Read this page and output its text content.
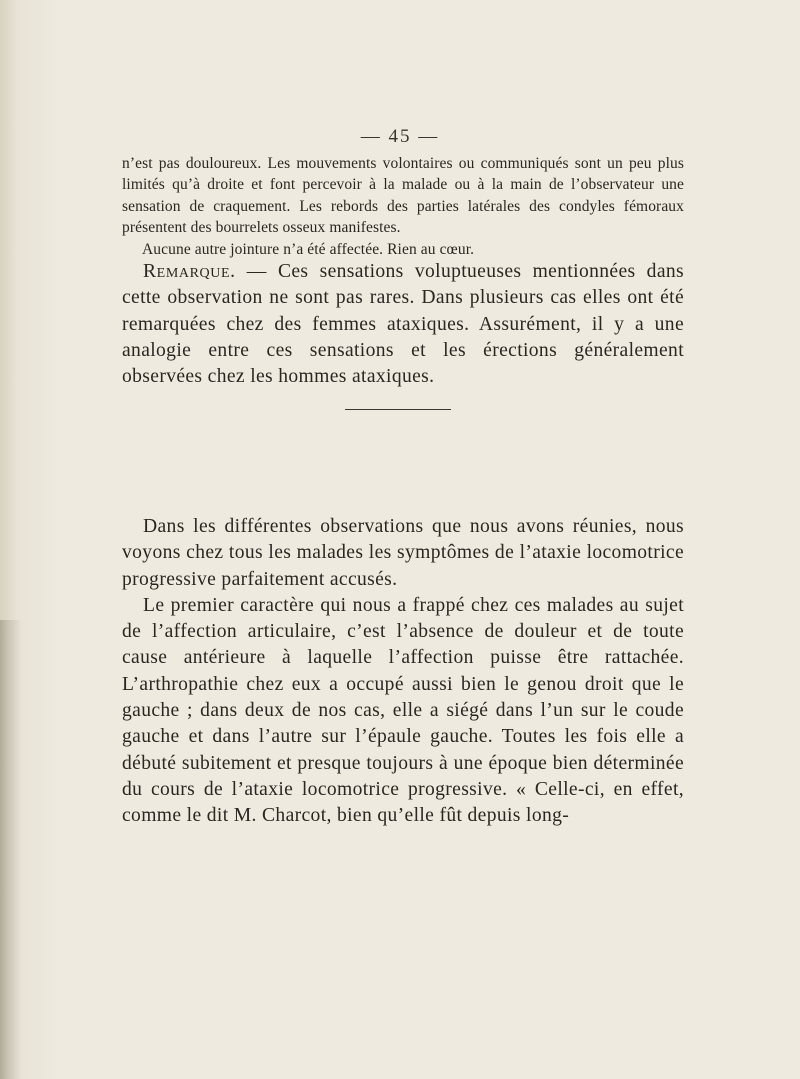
— 45 —

n’est pas douloureux. Les mouvements volontaires ou communiqués sont un peu plus limités qu’à droite et font percevoir à la malade ou à la main de l’observateur une sensation de craquement. Les rebords des parties latérales des condyles fémoraux présentent des bourrelets osseux manifestes.

Aucune autre jointure n’a été affectée. Rien au cœur.

Remarque. — Ces sensations voluptueuses mentionnées dans cette observation ne sont pas rares. Dans plusieurs cas elles ont été remarquées chez des femmes ataxiques. Assurément, il y a une analogie entre ces sensations et les érections généralement observées chez les hommes ataxiques.

Dans les différentes observations que nous avons réunies, nous voyons chez tous les malades les symptômes de l’ataxie locomotrice progressive parfaitement accusés.

Le premier caractère qui nous a frappé chez ces malades au sujet de l’affection articulaire, c’est l’absence de douleur et de toute cause antérieure à laquelle l’affection puisse être rattachée. L’arthropathie chez eux a occupé aussi bien le genou droit que le gauche ; dans deux de nos cas, elle a siégé dans l’un sur le coude gauche et dans l’autre sur l’épaule gauche. Toutes les fois elle a débuté subitement et presque toujours à une époque bien déterminée du cours de l’ataxie locomotrice progressive. « Celle-ci, en effet, comme le dit M. Charcot, bien qu’elle fût depuis long-
